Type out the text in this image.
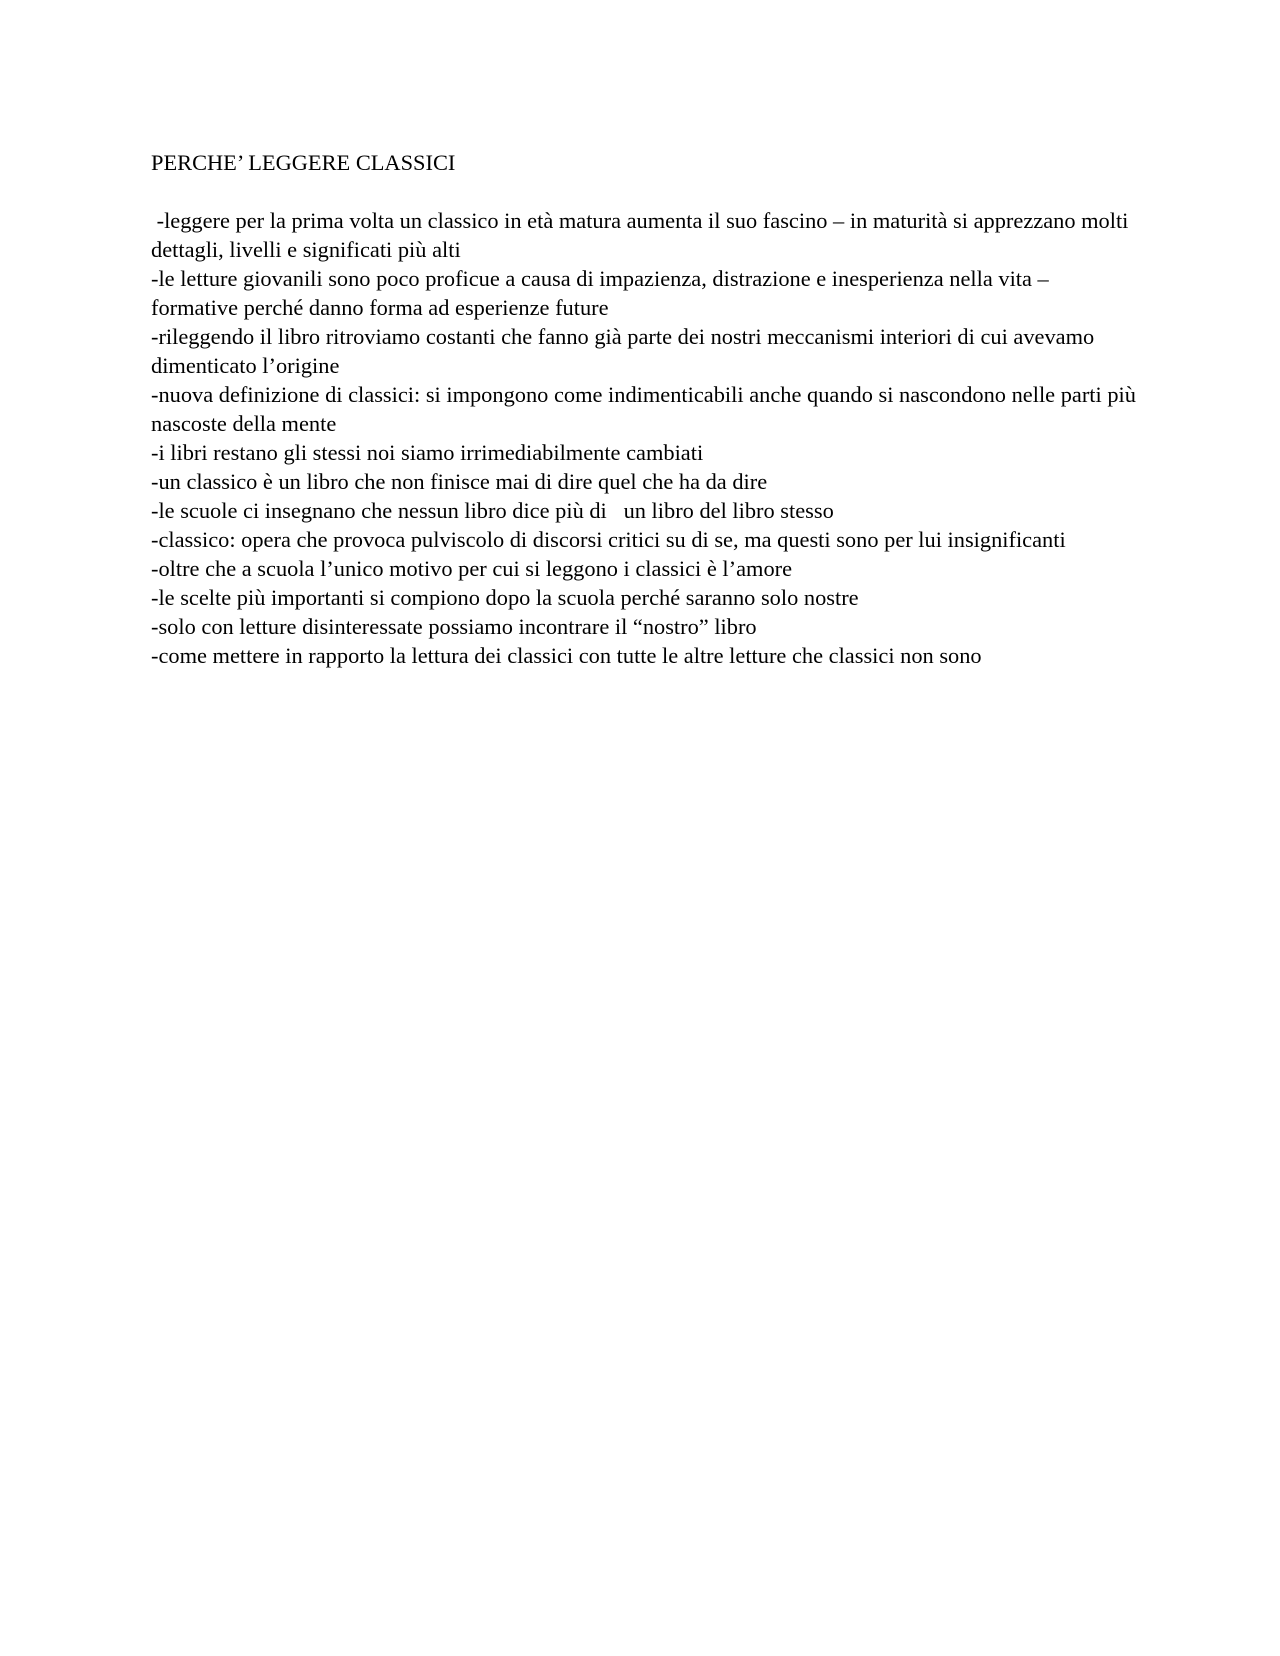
PERCHE’ LEGGERE CLASSICI
-leggere per la prima volta un classico in età matura aumenta il suo fascino – in maturità si apprezzano molti dettagli, livelli e significati più alti
-le letture giovanili sono poco proficue a causa di impazienza, distrazione e inesperienza nella vita – formative perché danno forma ad esperienze future
-rileggendo il libro ritroviamo costanti che fanno già parte dei nostri meccanismi interiori di cui avevamo dimenticato l’origine
-nuova definizione di classici: si impongono come indimenticabili anche quando si nascondono nelle parti più nascoste della mente
-i libri restano gli stessi noi siamo irrimediabilmente cambiati
-un classico è un libro che non finisce mai di dire quel che ha da dire
-le scuole ci insegnano che nessun libro dice più di   un libro del libro stesso
-classico: opera che provoca pulviscolo di discorsi critici su di se, ma questi sono per lui insignificanti
-oltre che a scuola l’unico motivo per cui si leggono i classici è l’amore
-le scelte più importanti si compiono dopo la scuola perché saranno solo nostre
-solo con letture disinteressate possiamo incontrare il “nostro” libro
-come mettere in rapporto la lettura dei classici con tutte le altre letture che classici non sono
